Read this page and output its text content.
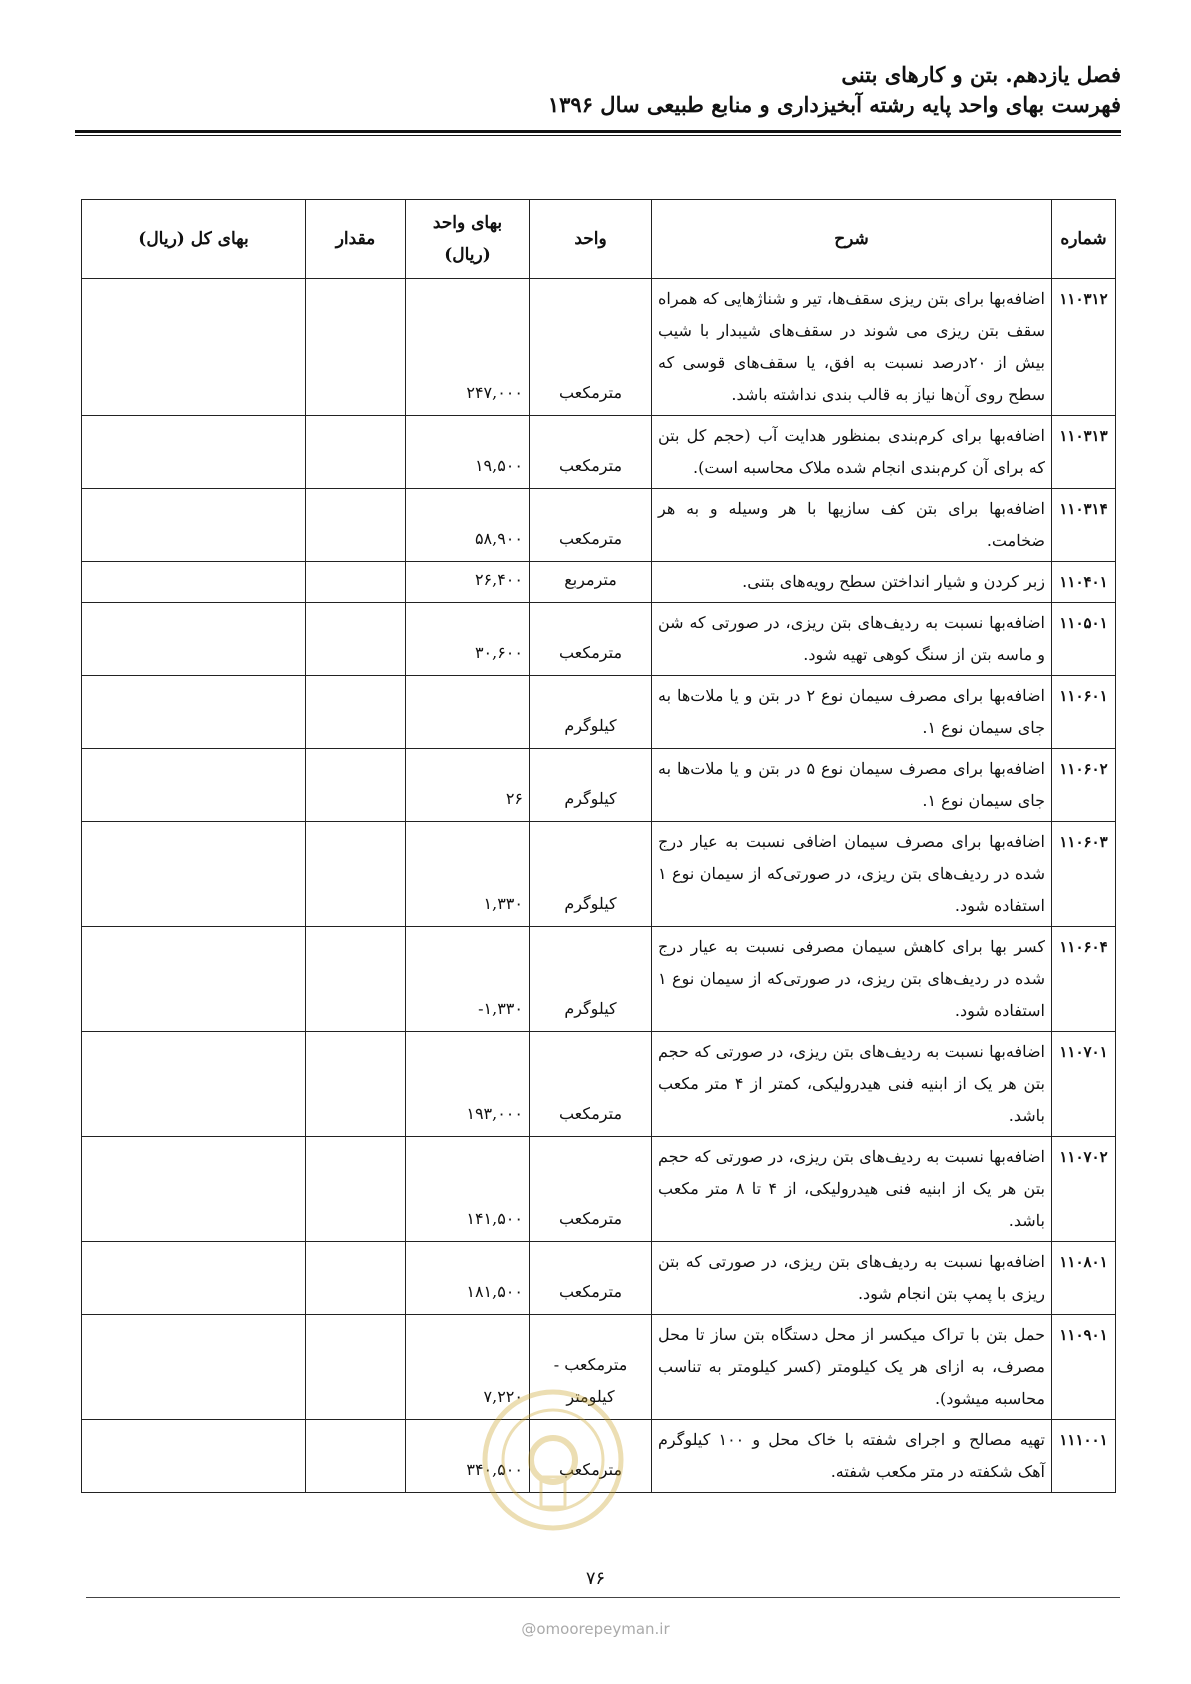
فصل یازدهم. بتن و کارهای بتنی
فهرست بهای واحد پایه رشته آبخیزداری و منابع طبیعی سال ۱۳۹۶
شماره	شرح	واحد	بهای واحد (ریال)	مقدار	بهای کل (ریال)
۱۱۰۳۱۲	اضافه‌بها برای بتن ریزی سقف‌ها، تیر و شناژهایی که همراه سقف بتن ریزی می شوند در سقف‌های شیبدار با شیب بیش از ۲۰درصد نسبت به افق، یا سقف‌های قوسی که سطح روی آن‌ها نیاز به قالب بندی نداشته باشد.	مترمکعب	۲۴۷,۰۰۰		
۱۱۰۳۱۳	اضافه‌بها برای کرم‌بندی بمنظور هدایت آب (حجم کل بتن که برای آن کرم‌بندی انجام شده ملاک محاسبه است).	مترمکعب	۱۹,۵۰۰		
۱۱۰۳۱۴	اضافه‌بها برای بتن کف سازیها با هر وسیله و به هر ضخامت.	مترمکعب	۵۸,۹۰۰		
۱۱۰۴۰۱	زبر کردن و شیار انداختن سطح رویه‌های بتنی.	مترمربع	۲۶,۴۰۰		
۱۱۰۵۰۱	اضافه‌بها نسبت به ردیف‌های بتن ریزی، در صورتی که شن و ماسه بتن از سنگ کوهی تهیه شود.	مترمکعب	۳۰,۶۰۰		
۱۱۰۶۰۱	اضافه‌بها برای مصرف سیمان نوع ۲ در بتن و یا ملات‌ها به جای سیمان نوع ۱.	کیلوگرم			
۱۱۰۶۰۲	اضافه‌بها برای مصرف سیمان نوع ۵ در بتن و یا ملات‌ها به جای سیمان نوع ۱.	کیلوگرم	۲۶		
۱۱۰۶۰۳	اضافه‌بها برای مصرف سیمان اضافی نسبت به عیار درج شده در ردیف‌های بتن ریزی، در صورتی‌که از سیمان نوع ۱ استفاده شود.	کیلوگرم	۱,۳۳۰		
۱۱۰۶۰۴	کسر بها برای کاهش سیمان مصرفی نسبت به عیار درج شده در ردیف‌های بتن ریزی، در صورتی‌که از سیمان نوع ۱ استفاده شود.	کیلوگرم	-۱,۳۳۰		
۱۱۰۷۰۱	اضافه‌بها نسبت به ردیف‌های بتن ریزی، در صورتی که حجم بتن هر یک از ابنیه فنی هیدرولیکی، کمتر از ۴ متر مکعب باشد.	مترمکعب	۱۹۳,۰۰۰		
۱۱۰۷۰۲	اضافه‌بها نسبت به ردیف‌های بتن ریزی، در صورتی که حجم بتن هر یک از ابنیه فنی هیدرولیکی، از ۴ تا ۸ متر مکعب باشد.	مترمکعب	۱۴۱,۵۰۰		
۱۱۰۸۰۱	اضافه‌بها نسبت به ردیف‌های بتن ریزی، در صورتی که بتن ریزی با پمپ بتن انجام شود.	مترمکعب	۱۸۱,۵۰۰		
۱۱۰۹۰۱	حمل بتن با تراک میکسر از محل دستگاه بتن ساز تا محل مصرف، به ازای هر یک کیلومتر (کسر کیلومتر به تناسب محاسبه میشود).	مترمکعب - کیلومتر	۷,۲۲۰		
۱۱۱۰۰۱	تهیه مصالح و اجرای شفته با خاک محل و ۱۰۰ کیلوگرم آهک شکفته در متر مکعب شفته.	مترمکعب	۳۴۰,۵۰۰		
۷۶
@omoorepeyman.ir
